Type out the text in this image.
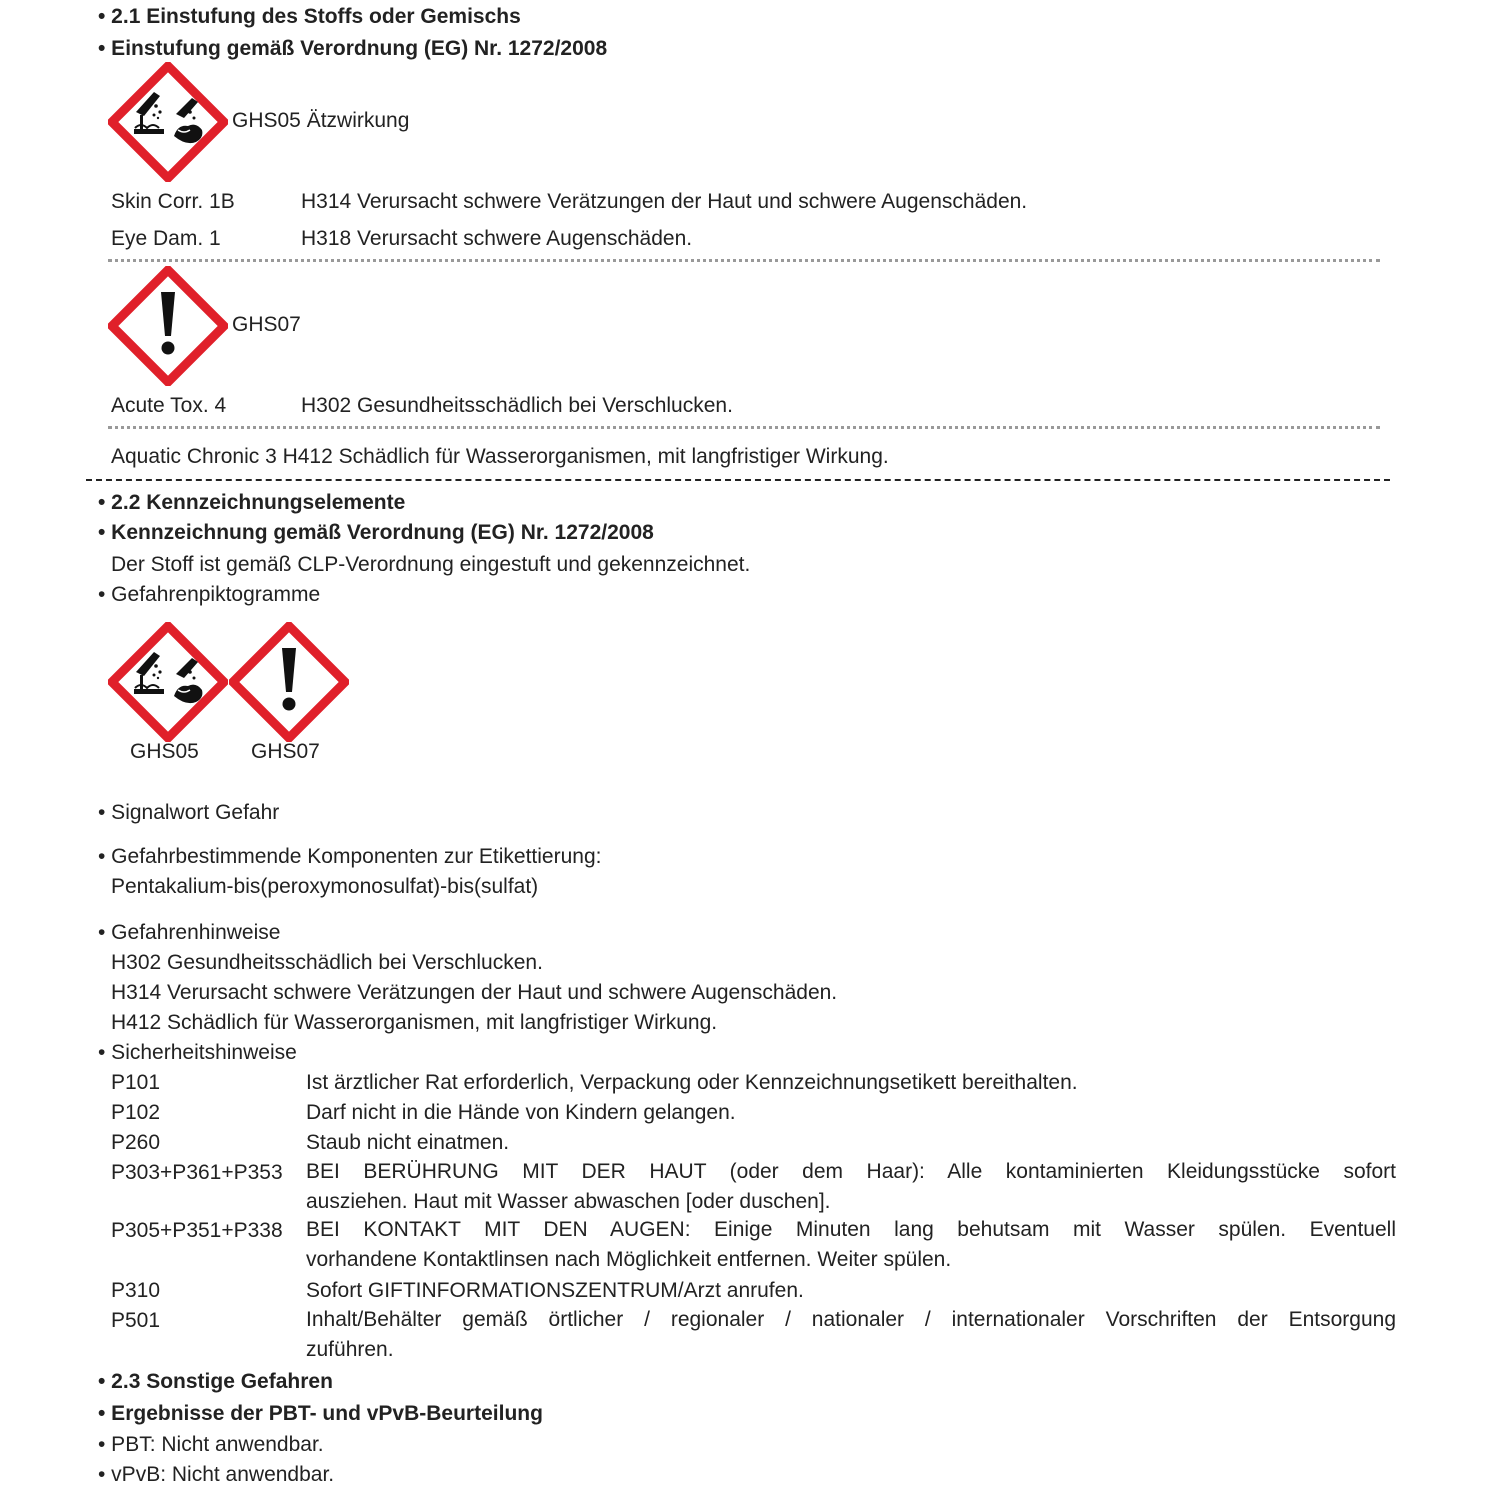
• 2.1 Einstufung des Stoffs oder Gemischs
• Einstufung gemäß Verordnung (EG) Nr. 1272/2008
GHS05 Ätzwirkung
Skin Corr. 1B	H314 Verursacht schwere Verätzungen der Haut und schwere Augenschäden.
Eye Dam. 1	H318 Verursacht schwere Augenschäden.
GHS07
Acute Tox. 4	H302 Gesundheitsschädlich bei Verschlucken.
Aquatic Chronic 3 H412 Schädlich für Wasserorganismen, mit langfristiger Wirkung.
• 2.2 Kennzeichnungselemente
• Kennzeichnung gemäß Verordnung (EG) Nr. 1272/2008
Der Stoff ist gemäß CLP-Verordnung eingestuft und gekennzeichnet.
• Gefahrenpiktogramme
GHS05 GHS07
• Signalwort Gefahr
• Gefahrbestimmende Komponenten zur Etikettierung:
Pentakalium-bis(peroxymonosulfat)-bis(sulfat)
• Gefahrenhinweise
H302 Gesundheitsschädlich bei Verschlucken.
H314 Verursacht schwere Verätzungen der Haut und schwere Augenschäden.
H412 Schädlich für Wasserorganismen, mit langfristiger Wirkung.
• Sicherheitshinweise
P101	Ist ärztlicher Rat erforderlich, Verpackung oder Kennzeichnungsetikett bereithalten.
P102	Darf nicht in die Hände von Kindern gelangen.
P260	Staub nicht einatmen.
P303+P361+P353 BEI BERÜHRUNG MIT DER HAUT (oder dem Haar): Alle kontaminierten Kleidungsstücke sofort
ausziehen. Haut mit Wasser abwaschen [oder duschen].
P305+P351+P338 BEI KONTAKT MIT DEN AUGEN: Einige Minuten lang behutsam mit Wasser spülen. Eventuell
vorhandene Kontaktlinsen nach Möglichkeit entfernen. Weiter spülen.
P310	Sofort GIFTINFORMATIONSZENTRUM/Arzt anrufen.
P501	Inhalt/Behälter gemäß örtlicher / regionaler / nationaler / internationaler Vorschriften der Entsorgung
zuführen.
• 2.3 Sonstige Gefahren
• Ergebnisse der PBT- und vPvB-Beurteilung
• PBT: Nicht anwendbar.
• vPvB: Nicht anwendbar.
